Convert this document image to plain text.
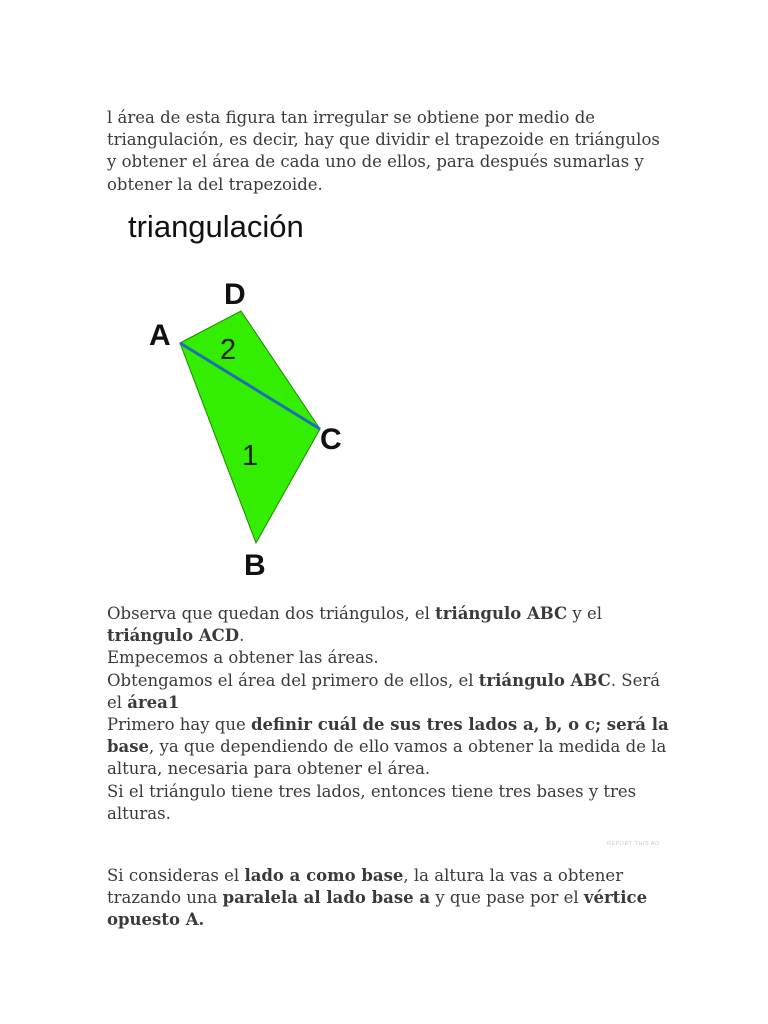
l área de esta figura tan irregular se obtiene por medio de
triangulación, es decir, hay que dividir el trapezoide en triángulos
y obtener el área de cada uno de ellos, para después sumarlas y
obtener la del trapezoide.

triangulación

D
A
C
B
2
1

Observa que quedan dos triángulos, el triángulo ABC y el triángulo ACD.
Empecemos a obtener las áreas.
Obtengamos el área del primero de ellos, el triángulo ABC. Será el área1
Primero hay que definir cuál de sus tres lados a, b, o c; será la base, ya que dependiendo de ello vamos a obtener la medida de la altura, necesaria para obtener el área.
Si el triángulo tiene tres lados, entonces tiene tres bases y tres alturas.

REPORT THIS AD

Si consideras el lado a como base, la altura la vas a obtener trazando una paralela al lado base a y que pase por el vértice opuesto A.
